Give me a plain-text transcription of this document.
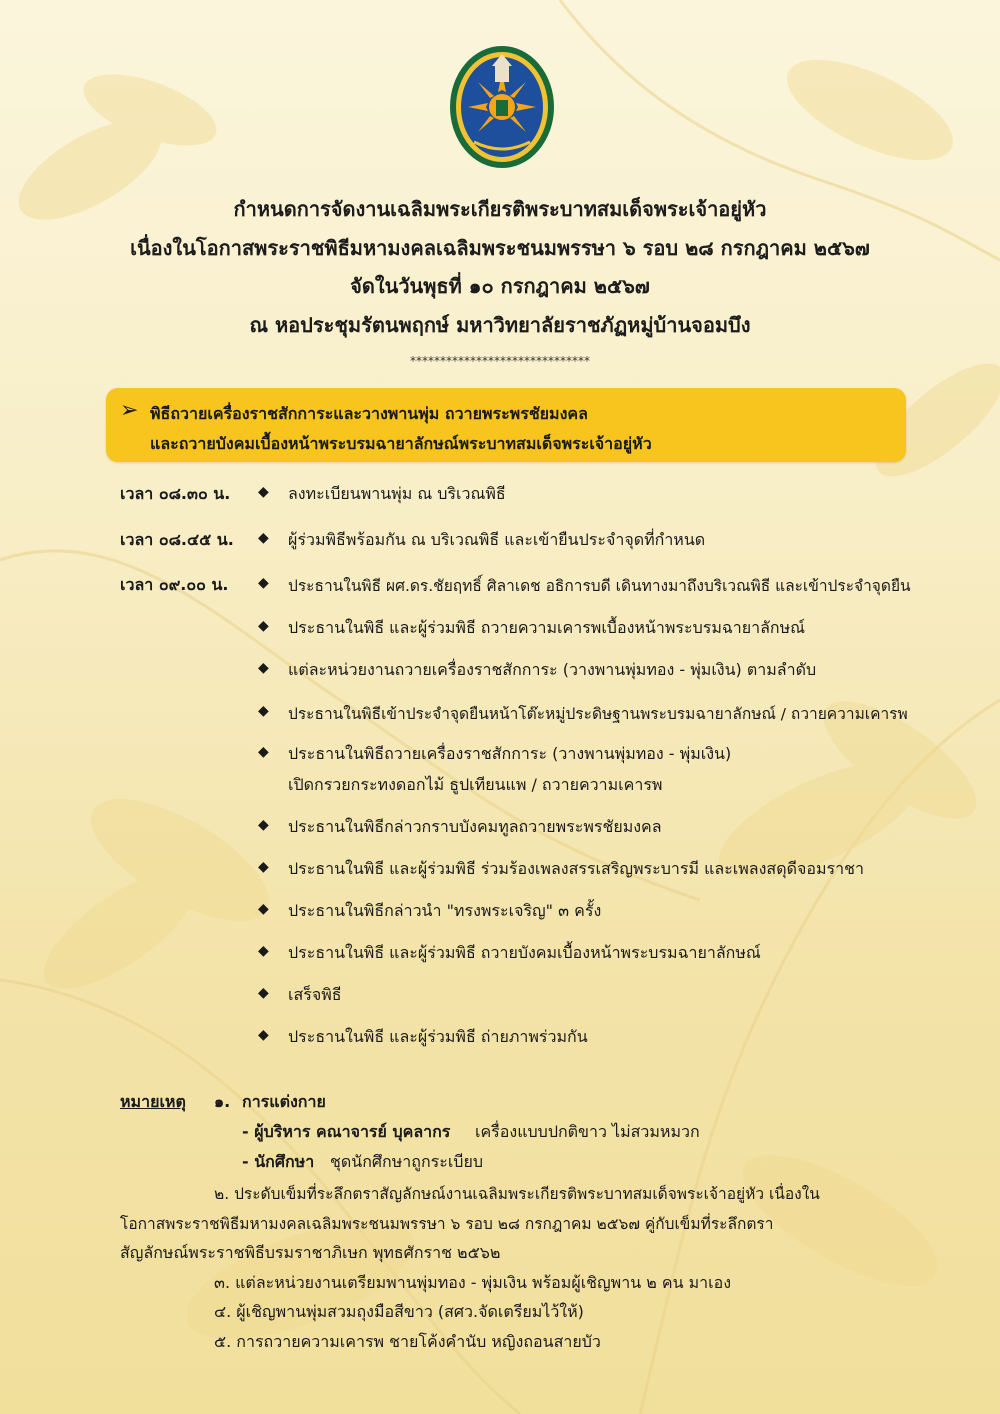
กำหนดการจัดงานเฉลิมพระเกียรติพระบาทสมเด็จพระเจ้าอยู่หัว
เนื่องในโอกาสพระราชพิธีมหามงคลเฉลิมพระชนมพรรษา ๖ รอบ ๒๘ กรกฎาคม ๒๕๖๗
จัดในวันพุธที่ ๑๐ กรกฎาคม ๒๕๖๗
ณ หอประชุมรัตนพฤกษ์ มหาวิทยาลัยราชภัฏหมู่บ้านจอมบึง
******************************
➢ พิธีถวายเครื่องราชสักการะและวางพานพุ่ม ถวายพระพรชัยมงคล
และถวายบังคมเบื้องหน้าพระบรมฉายาลักษณ์พระบาทสมเด็จพระเจ้าอยู่หัว
เวลา ๐๘.๓๐ น.
เวลา ๐๘.๔๕ น.
เวลา ๐๙.๐๐ น.
◆ ลงทะเบียนพานพุ่ม ณ บริเวณพิธี
◆ ผู้ร่วมพิธีพร้อมกัน ณ บริเวณพิธี และเข้ายืนประจำจุดที่กำหนด
◆ ประธานในพิธี ผศ.ดร.ชัยฤทธิ์ ศิลาเดช อธิการบดี เดินทางมาถึงบริเวณพิธี และเข้าประจำจุดยืน
◆ ประธานในพิธี และผู้ร่วมพิธี ถวายความเคารพเบื้องหน้าพระบรมฉายาลักษณ์
◆ แต่ละหน่วยงานถวายเครื่องราชสักการะ (วางพานพุ่มทอง - พุ่มเงิน) ตามลำดับ
◆ ประธานในพิธีเข้าประจำจุดยืนหน้าโต๊ะหมู่ประดิษฐานพระบรมฉายาลักษณ์ / ถวายความเคารพ
◆ ประธานในพิธีถวายเครื่องราชสักการะ (วางพานพุ่มทอง - พุ่มเงิน)
เปิดกรวยกระทงดอกไม้ ธูปเทียนแพ / ถวายความเคารพ
◆ ประธานในพิธีกล่าวกราบบังคมทูลถวายพระพรชัยมงคล
◆ ประธานในพิธี และผู้ร่วมพิธี ร่วมร้องเพลงสรรเสริญพระบารมี และเพลงสดุดีจอมราชา
◆ ประธานในพิธีกล่าวนำ "ทรงพระเจริญ" ๓ ครั้ง
◆ ประธานในพิธี และผู้ร่วมพิธี ถวายบังคมเบื้องหน้าพระบรมฉายาลักษณ์
◆ เสร็จพิธี
◆ ประธานในพิธี และผู้ร่วมพิธี ถ่ายภาพร่วมกัน
หมายเหตุ ๑. การแต่งกาย
- ผู้บริหาร คณาจารย์ บุคลากร เครื่องแบบปกติขาว ไม่สวมหมวก
- นักศึกษา ชุดนักศึกษาถูกระเบียบ
๒. ประดับเข็มที่ระลึกตราสัญลักษณ์งานเฉลิมพระเกียรติพระบาทสมเด็จพระเจ้าอยู่หัว เนื่องใน
โอกาสพระราชพิธีมหามงคลเฉลิมพระชนมพรรษา ๖ รอบ ๒๘ กรกฎาคม ๒๕๖๗ คู่กับเข็มที่ระลึกตรา
สัญลักษณ์พระราชพิธีบรมราชาภิเษก พุทธศักราช ๒๕๖๒
๓. แต่ละหน่วยงานเตรียมพานพุ่มทอง - พุ่มเงิน พร้อมผู้เชิญพาน ๒ คน มาเอง
๔. ผู้เชิญพานพุ่มสวมถุงมือสีขาว (สศว.จัดเตรียมไว้ให้)
๕. การถวายความเคารพ ชายโค้งคำนับ หญิงถอนสายบัว
